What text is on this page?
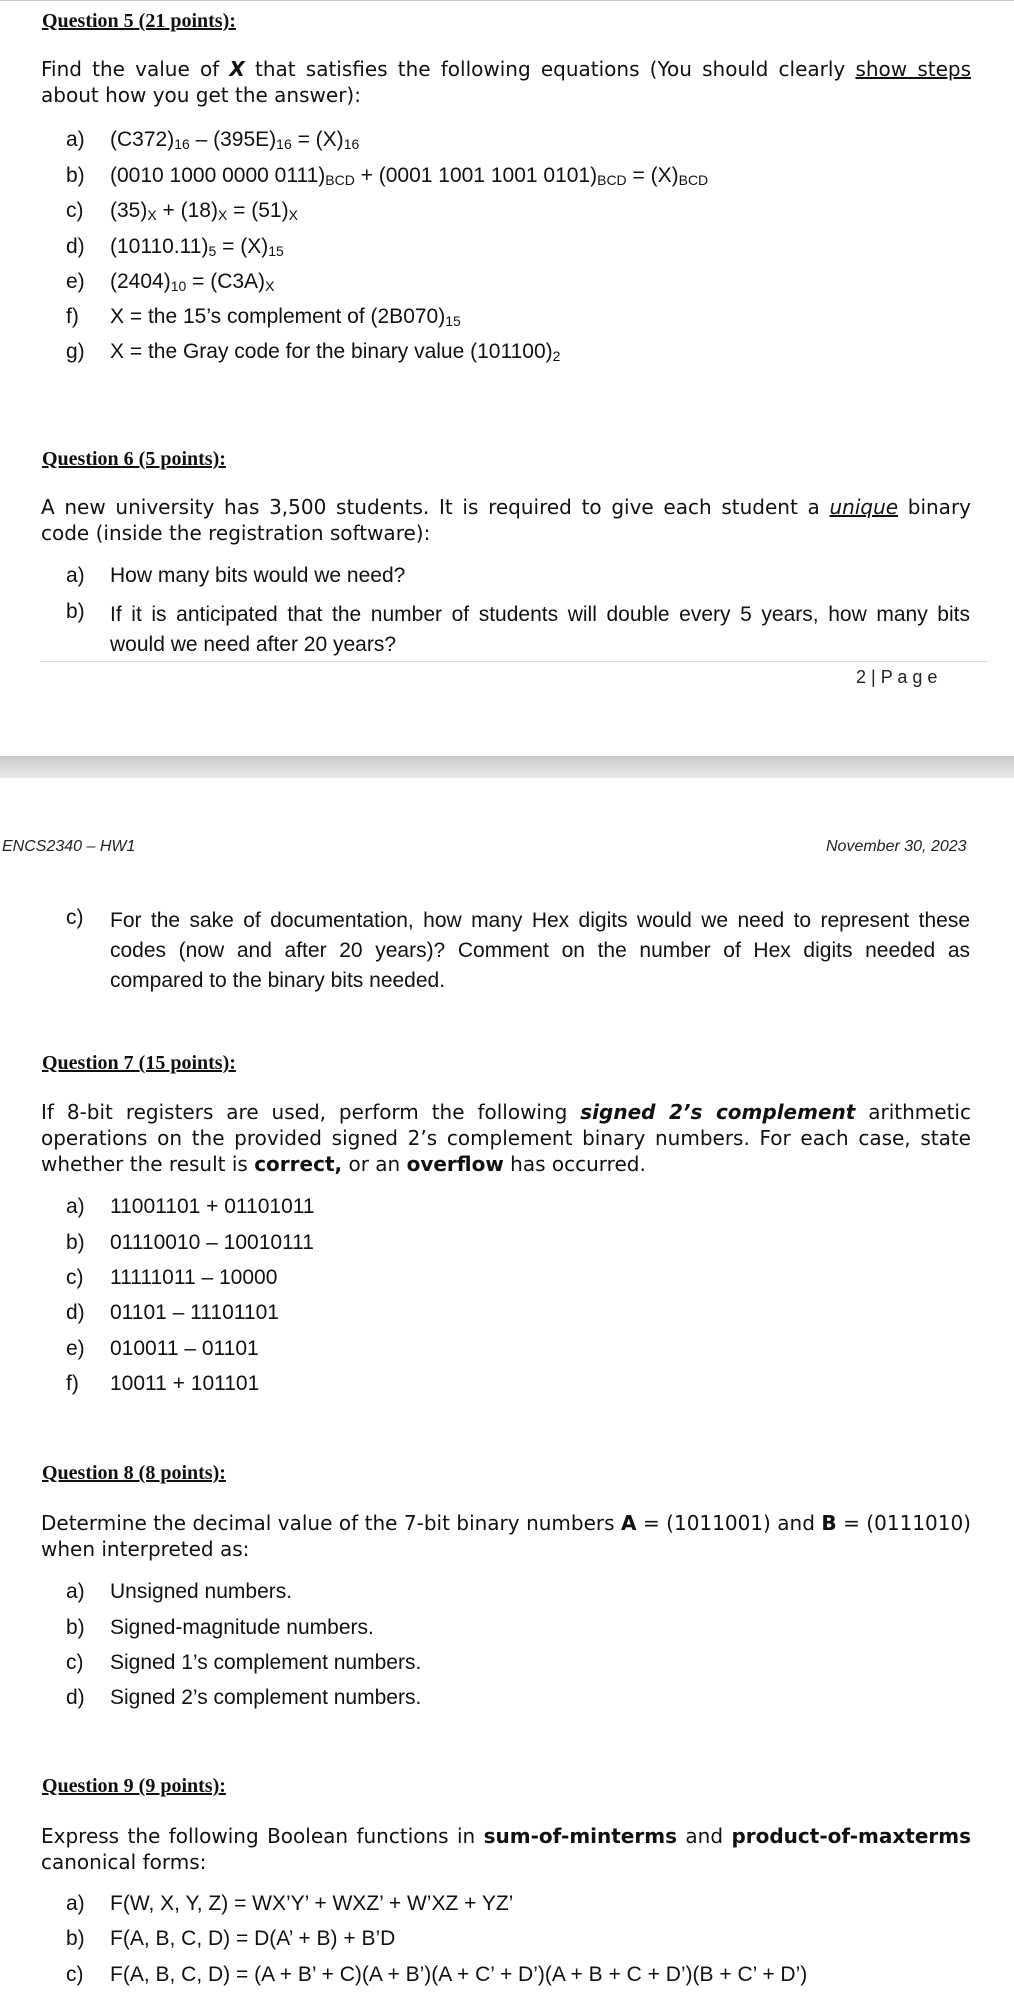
Question 5 (21 points):
Find the value of X that satisfies the following equations (You should clearly show steps about how you get the answer):
a) $(C372)_{16} - (395E)_{16} = (X)_{16}$
b) (0010 1000 0000 $0111)_{BCD} + (0001$ 1001 1001 $0101)_{BCD} = (X)_{BCD}$
c) $(35)_X + (18)_X = (51)_X$
d) $(10110.11)_5 = (X)_{15}$
e) $(2404)_{10} = (C3A)_X$
f) X = the 15’s complement of $(2B070)_{15}$
g) X = the Gray code for the binary value $(101100)_2$
Question 6 (5 points):
A new university has 3,500 students. It is required to give each student a unique binary code (inside the registration software):
a) How many bits would we need?
b) If it is anticipated that the number of students will double every 5 years, how many bits would we need after 20 years?
2 | P a g e
ENCS2340 – HW1	November 30, 2023
c) For the sake of documentation, how many Hex digits would we need to represent these codes (now and after 20 years)? Comment on the number of Hex digits needed as compared to the binary bits needed.
Question 7 (15 points):
If 8-bit registers are used, perform the following signed 2’s complement arithmetic operations on the provided signed 2’s complement binary numbers. For each case, state whether the result is correct, or an overflow has occurred.
a) 11001101 + 01101011
b) 01110010 – 10010111
c) 11111011 – 10000
d) 01101 – 11101101
e) 010011 – 01101
f) 10011 + 101101
Question 8 (8 points):
Determine the decimal value of the 7-bit binary numbers A = (1011001) and B = (0111010) when interpreted as:
a) Unsigned numbers.
b) Signed-magnitude numbers.
c) Signed 1’s complement numbers.
d) Signed 2’s complement numbers.
Question 9 (9 points):
Express the following Boolean functions in sum-of-minterms and product-of-maxterms canonical forms:
a) F(W, X, Y, Z) = WX’Y’ + WXZ’ + W’XZ + YZ’
b) F(A, B, C, D) = D(A’ + B) + B’D
c) F(A, B, C, D) = (A + B’ + C)(A + B’)(A + C’ + D’)(A + B + C + D’)(B + C’ + D’)
